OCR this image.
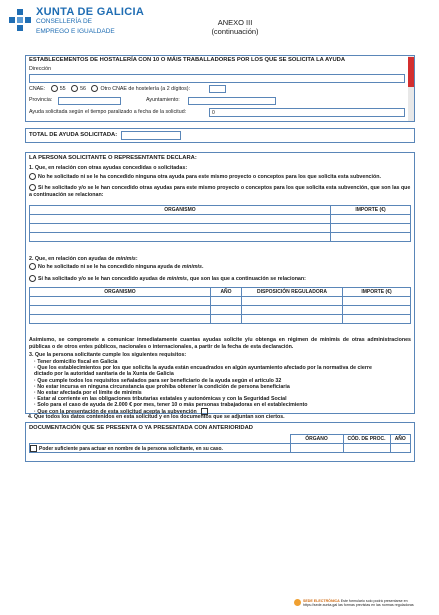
XUNTA DE GALICIA
CONSELLERÍA DE
EMPREGO E IGUALDADE
ANEXO III
(continuación)
ESTABLECEMENTOS DE HOSTALERÍA CON 10 O MÁIS TRABALLADORES POR LOS QUE SE SOLICITA LA AYUDA
Dirección
CNAE:	55	56	Otro CNAE de hostelería (a 2 dígitos):
Provincia:	Ayuntamiento:
Ayuda solicitada según el tiempo paralizado a fecha de la solicitud:	0
TOTAL DE AYUDA SOLICITADA:
LA PERSONA SOLICITANTE O REPRESENTANTE DECLARA:
1. Que, en relación con otras ayudas concedidas o solicitadas:
No he solicitado ni se le ha concedido ninguna otra ayuda para este mismo proyecto o conceptos para los que solicita esta subvención.
Sí he solicitado y/o se le han concedido otras ayudas para este mismo proyecto o conceptos para los que solicita esta subvención, que son las que a continuación se relacionan:
ORGANISMO	IMPORTE (€)

2. Que, en relación con ayudas de minimis:
No he solicitado ni se le ha concedido ninguna ayuda de minimis.
Sí ha solicitado y/o se le han concedido ayudas de minimis, que son las que a continuación se relacionan:
ORGANISMO	AÑO	DISPOSICIÓN REGULADORA	IMPORTE (€)

Asimismo, se compromete a comunicar inmediatamente cuantas ayudas solicite y/u obtenga en régimen de minimis de otras administraciones públicas o de otros entes públicos, nacionales o internacionales, a partir de la fecha de esta declaración.
3. Que la persona solicitante cumple los siguientes requisitos:
· Tener domicilio fiscal en Galicia
· Que los establecimientos por los que solicita la ayuda están encuadrados en algún ayuntamiento afectado por la normativa de cierre
dictado por la autoridad sanitaria de la Xunta de Galicia
· Que cumple todos los requisitos señalados para ser beneficiario de la ayuda según el artículo 32
· No estar incursa en ninguna circunstancia que prohíba obtener la condición de persona beneficiaria
· No estar afectada por el límite de minimis
· Estar al corriente en las obligaciones tributarias estatales y autonómicas y con la Seguridad Social
· Solo para el caso de ayuda de 2.000 € por mes, tener 10 o más personas trabajadoras en el establecimiento
· Que con la presentación de esta solicitud acepta la subvención
4. Que todos los datos contenidos en esta solicitud y en los documentos que se adjuntan son ciertos.
DOCUMENTACIÓN QUE SE PRESENTA O YA PRESENTADA CON ANTERIORIDAD
	ÓRGANO	CÓD. DE PROC.	AÑO
Poder suficiente para actuar en nombre de la persona solicitante, en su caso.			
SEDE ELECTRÓNICA Este formulario solo podrá presentarse en
https://sede.xunta.gal las formas previstas en las normas reguladoras
